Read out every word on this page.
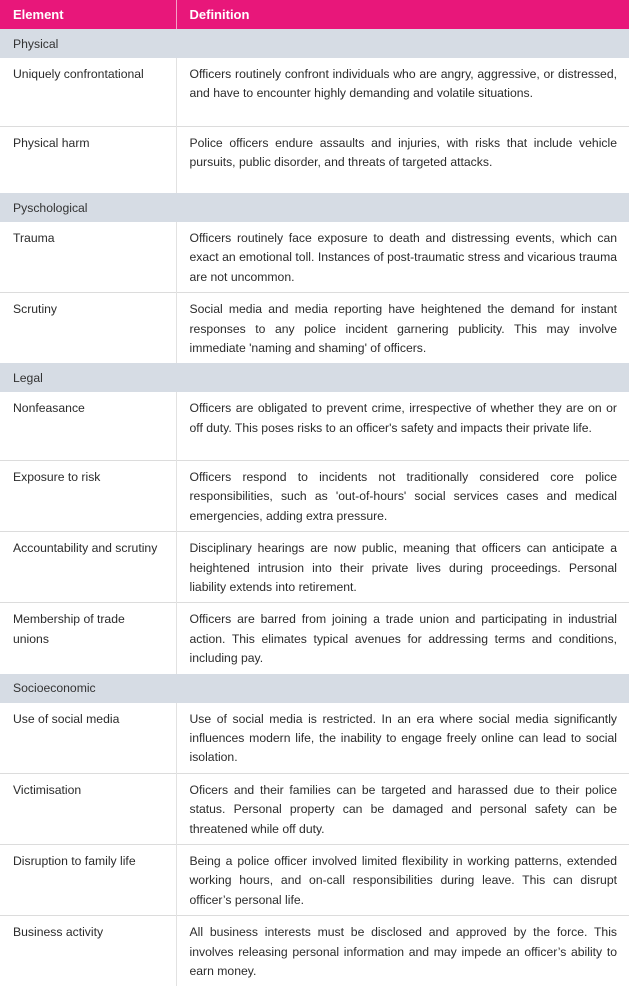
Element	Definition
Physical	
Uniquely confrontational	Officers routinely confront individuals who are angry, aggressive, or distressed, and have to encounter highly demanding and volatile situations.
Physical harm	Police officers endure assaults and injuries, with risks that include vehicle pursuits, public disorder, and threats of targeted attacks.
Pyschological	
Trauma	Officers routinely face exposure to death and distressing events, which can exact an emotional toll. Instances of post-traumatic stress and vicarious trauma are not uncommon.
Scrutiny	Social media and media reporting have heightened the demand for instant responses to any police incident garnering publicity. This may involve immediate 'naming and shaming' of officers.
Legal	
Nonfeasance	Officers are obligated to prevent crime, irrespective of whether they are on or off duty. This poses risks to an officer's safety and impacts their private life.
Exposure to risk	Officers respond to incidents not traditionally considered core police responsibilities, such as 'out-of-hours' social services cases and medical emergencies, adding extra pressure.
Accountability and scrutiny	Disciplinary hearings are now public, meaning that officers can anticipate a heightened intrusion into their private lives during proceedings. Personal liability extends into retirement.
Membership of trade unions	Officers are barred from joining a trade union and participating in industrial action. This elimates typical avenues for addressing terms and conditions, including pay.
Socioeconomic	
Use of social media	Use of social media is restricted. In an era where social media significantly influences modern life, the inability to engage freely online can lead to social isolation.
Victimisation	Oficers and their families can be targeted and harassed due to their police status. Personal property can be damaged and personal safety can be threatened while off duty.
Disruption to family life	Being a police officer involved limited flexibility in working patterns, extended working hours, and on-call responsibilities during leave. This can disrupt officer’s personal life.
Business activity	All business interests must be disclosed and approved by the force. This involves releasing personal information and may impede an officer’s ability to earn money.
